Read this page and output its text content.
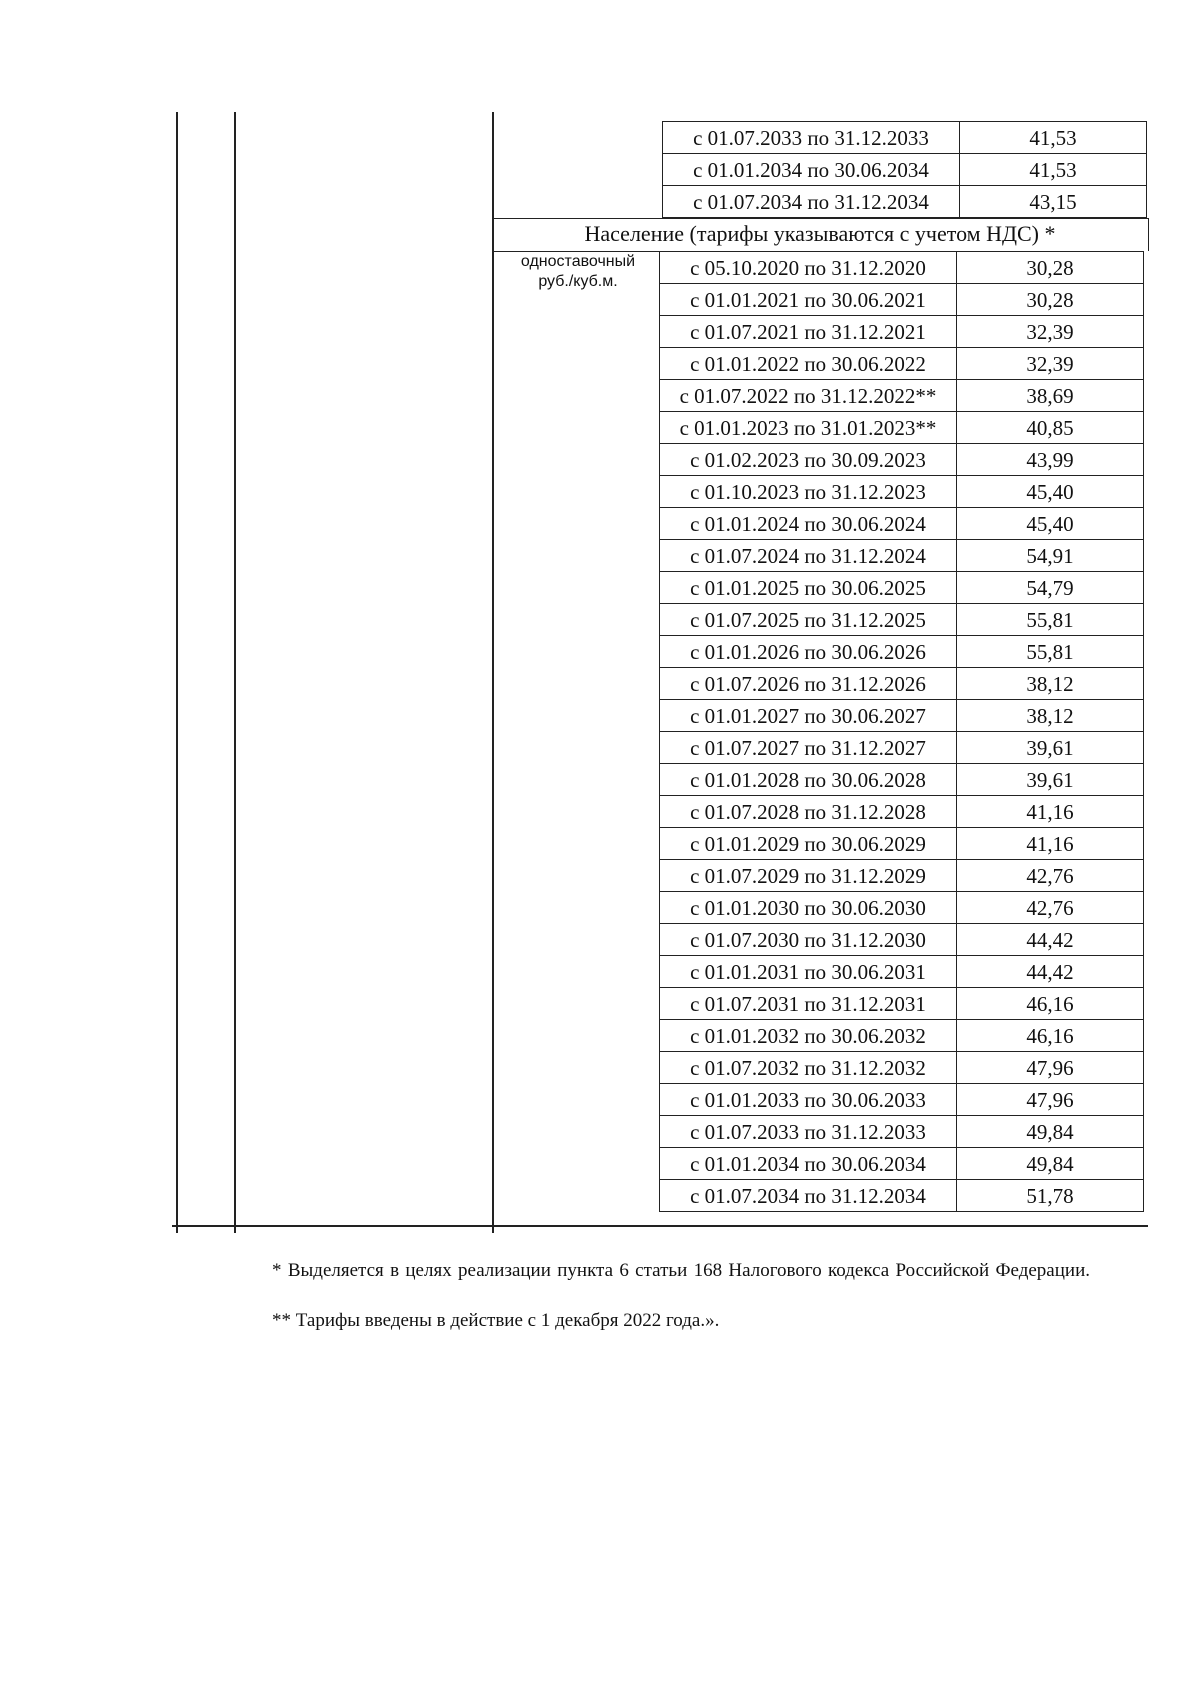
с 01.07.2033 по 31.12.2033	41,53
с 01.01.2034 по 30.06.2034	41,53
с 01.07.2034 по 31.12.2034	43,15
Население (тарифы указываются с учетом НДС) *
одноставочный
руб./куб.м.
с 05.10.2020 по 31.12.2020	30,28
с 01.01.2021 по 30.06.2021	30,28
с 01.07.2021 по 31.12.2021	32,39
с 01.01.2022 по 30.06.2022	32,39
с 01.07.2022 по 31.12.2022**	38,69
с 01.01.2023 по 31.01.2023**	40,85
с 01.02.2023 по 30.09.2023	43,99
с 01.10.2023 по 31.12.2023	45,40
с 01.01.2024 по 30.06.2024	45,40
с 01.07.2024 по 31.12.2024	54,91
с 01.01.2025 по 30.06.2025	54,79
с 01.07.2025 по 31.12.2025	55,81
с 01.01.2026 по 30.06.2026	55,81
с 01.07.2026 по 31.12.2026	38,12
с 01.01.2027 по 30.06.2027	38,12
с 01.07.2027 по 31.12.2027	39,61
с 01.01.2028 по 30.06.2028	39,61
с 01.07.2028 по 31.12.2028	41,16
с 01.01.2029 по 30.06.2029	41,16
с 01.07.2029 по 31.12.2029	42,76
с 01.01.2030 по 30.06.2030	42,76
с 01.07.2030 по 31.12.2030	44,42
с 01.01.2031 по 30.06.2031	44,42
с 01.07.2031 по 31.12.2031	46,16
с 01.01.2032 по 30.06.2032	46,16
с 01.07.2032 по 31.12.2032	47,96
с 01.01.2033 по 30.06.2033	47,96
с 01.07.2033 по 31.12.2033	49,84
с 01.01.2034 по 30.06.2034	49,84
с 01.07.2034 по 31.12.2034	51,78
* Выделяется в целях реализации пункта 6 статьи 168 Налогового кодекса Российской Федерации.
** Тарифы введены в действие с 1 декабря 2022 года.».
